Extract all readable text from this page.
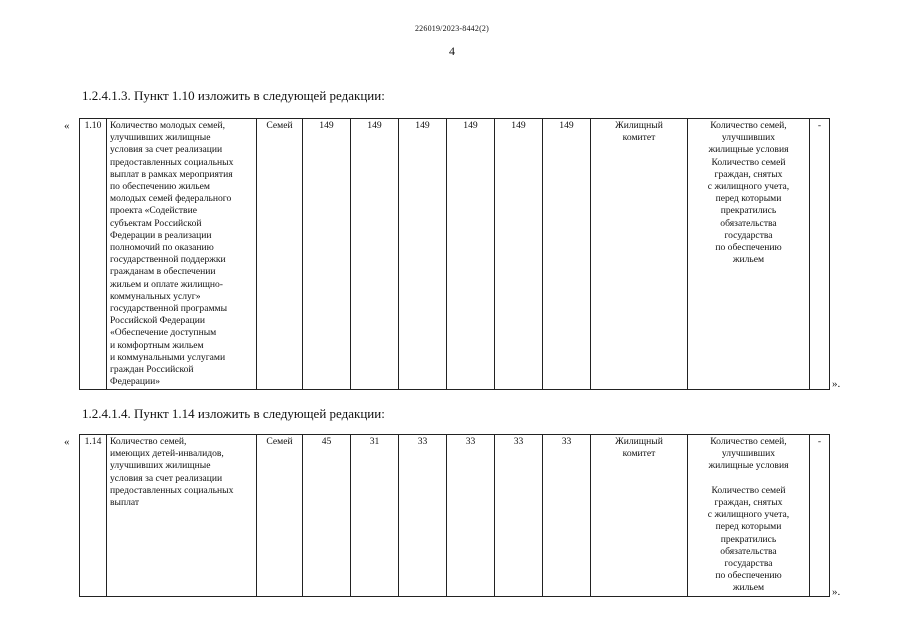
226019/2023-8442(2)
4
1.2.4.1.3. Пункт 1.10 изложить в следующей редакции:
« 1.10	Количество молодых семей,
улучшивших жилищные
условия за счет реализации
предоставленных социальных
выплат в рамках мероприятия
по обеспечению жильем
молодых семей федерального
проекта «Содействие
субъектам Российской
Федерации в реализации
полномочий по оказанию
государственной поддержки
гражданам в обеспечении
жильем и оплате жилищно-
коммунальных услуг»
государственной программы
Российской Федерации
«Обеспечение доступным
и комфортным жильем
и коммунальными услугами
граждан Российской
Федерации»
	Семей	149	149	149	149	149	149	Жилищный
комитет

Количество семей,
улучшивших
жилищные условия
Количество семей
граждан, снятых
с жилищного учета,
перед которыми
прекратились
обязательства
государства
по обеспечению
жильем
	-
».
1.2.4.1.4. Пункт 1.14 изложить в следующей редакции:
« 1.14	Количество семей,
имеющих детей-инвалидов,
улучшивших жилищные
условия за счет реализации
предоставленных социальных
выплат
	Семей	45	31	33	33	33	33	Жилищный
комитет

Количество семей,
улучшивших
жилищные условия
Количество семей
граждан, снятых
с жилищного учета,
перед которыми
прекратились
обязательства
государства
по обеспечению
жильем
	-
».
